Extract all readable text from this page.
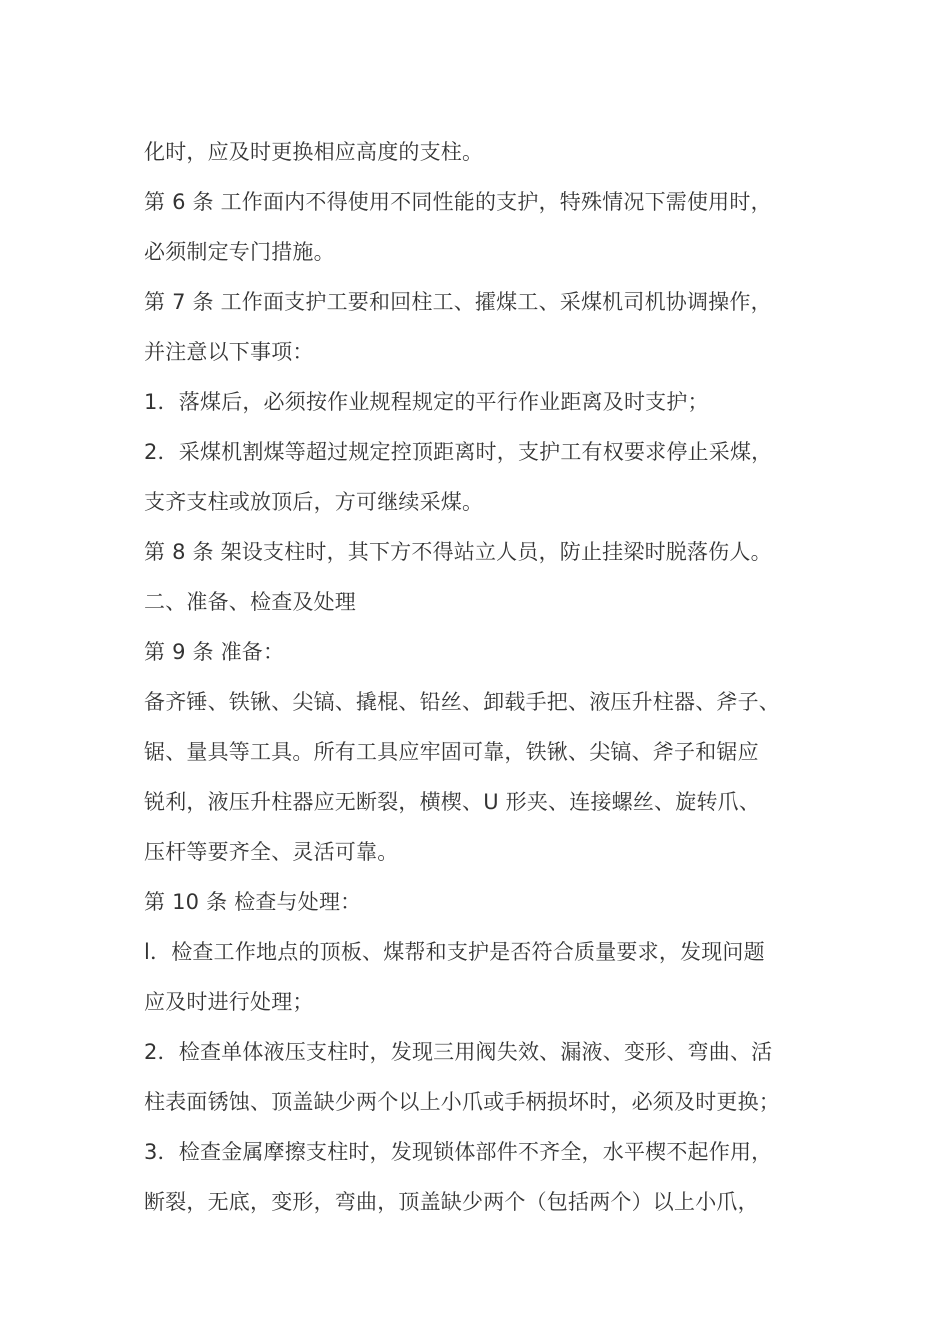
化时，应及时更换相应高度的支柱。
第 6 条 工作面内不得使用不同性能的支护，特殊情况下需使用时，
必须制定专门措施。
第 7 条 工作面支护工要和回柱工、攉煤工、采煤机司机协调操作，
并注意以下事项：
1．落煤后，必须按作业规程规定的平行作业距离及时支护；
2．采煤机割煤等超过规定控顶距离时，支护工有权要求停止采煤，
支齐支柱或放顶后，方可继续采煤。
第 8 条 架设支柱时，其下方不得站立人员，防止挂梁时脱落伤人。
二、准备、检查及处理
第 9 条 准备：
备齐锤、铁锹、尖镐、撬棍、铅丝、卸载手把、液压升柱器、斧子、
锯、量具等工具。所有工具应牢固可靠，铁锹、尖镐、斧子和锯应
锐利，液压升柱器应无断裂，横楔、U 形夹、连接螺丝、旋转爪、
压杆等要齐全、灵活可靠。
第 10 条 检查与处理：
l．检查工作地点的顶板、煤帮和支护是否符合质量要求，发现问题
应及时进行处理；
2．检查单体液压支柱时，发现三用阀失效、漏液、变形、弯曲、活
柱表面锈蚀、顶盖缺少两个以上小爪或手柄损坏时，必须及时更换；
3．检查金属摩擦支柱时，发现锁体部件不齐全，水平楔不起作用，
断裂，无底，变形，弯曲，顶盖缺少两个（包括两个）以上小爪，
